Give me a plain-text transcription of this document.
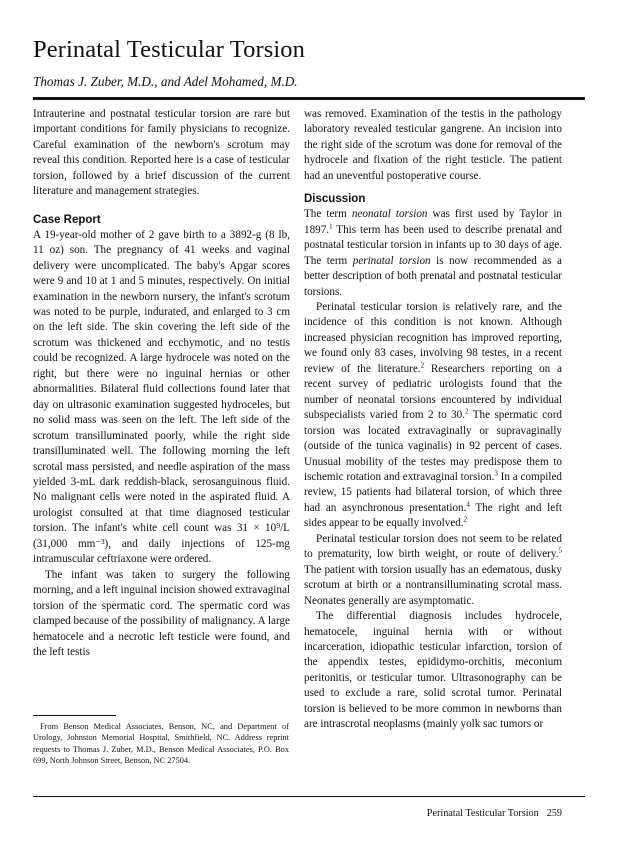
Perinatal Testicular Torsion

Thomas J. Zuber, M.D., and Adel Mohamed, M.D.

Intrauterine and postnatal testicular torsion are rare but important conditions for family physicians to recognize. Careful examination of the newborn's scrotum may reveal this condition. Reported here is a case of testicular torsion, followed by a brief discussion of the current literature and management strategies.

Case Report

A 19-year-old mother of 2 gave birth to a 3892-g (8 lb, 11 oz) son. The pregnancy of 41 weeks and vaginal delivery were uncomplicated. The baby's Apgar scores were 9 and 10 at 1 and 5 minutes, respectively. On initial examination in the newborn nursery, the infant's scrotum was noted to be purple, indurated, and enlarged to 3 cm on the left side. The skin covering the left side of the scrotum was thickened and ecchymotic, and no testis could be recognized. A large hydrocele was noted on the right, but there were no inguinal hernias or other abnormalities. Bilateral fluid collections found later that day on ultrasonic examination suggested hydroceles, but no solid mass was seen on the left. The left side of the scrotum transilluminated poorly, while the right side transilluminated well. The following morning the left scrotal mass persisted, and needle aspiration of the mass yielded 3-mL dark reddish-black, serosanguinous fluid. No malignant cells were noted in the aspirated fluid. A urologist consulted at that time diagnosed testicular torsion. The infant's white cell count was 31 × 10⁹/L (31,000 mm⁻³), and daily injections of 125-mg intramuscular ceftriaxone were ordered.

The infant was taken to surgery the following morning, and a left inguinal incision showed extravaginal torsion of the spermatic cord. The spermatic cord was clamped because of the possibility of malignancy. A large hematocele and a necrotic left testicle were found, and the left testis

was removed. Examination of the testis in the pathology laboratory revealed testicular gangrene. An incision into the right side of the scrotum was done for removal of the hydrocele and fixation of the right testicle. The patient had an uneventful postoperative course.

Discussion

The term neonatal torsion was first used by Taylor in 1897.$^1$ This term has been used to describe prenatal and postnatal testicular torsion in infants up to 30 days of age. The term perinatal torsion is now recommended as a better description of both prenatal and postnatal testicular torsions.

Perinatal testicular torsion is relatively rare, and the incidence of this condition is not known. Although increased physician recognition has improved reporting, we found only 83 cases, involving 98 testes, in a recent review of the literature.$^2$ Researchers reporting on a recent survey of pediatric urologists found that the number of neonatal torsions encountered by individual subspecialists varied from 2 to 30.$^2$ The spermatic cord torsion was located extravaginally or supravaginally (outside of the tunica vaginalis) in 92 percent of cases. Unusual mobility of the testes may predispose them to ischemic rotation and extravaginal torsion.$^3$ In a compiled review, 15 patients had bilateral torsion, of which three had an asynchronous presentation.$^4$ The right and left sides appear to be equally involved.$^2$

Perinatal testicular torsion does not seem to be related to prematurity, low birth weight, or route of delivery.$^5$ The patient with torsion usually has an edematous, dusky scrotum at birth or a nontransilluminating scrotal mass. Neonates generally are asymptomatic.

The differential diagnosis includes hydrocele, hematocele, inguinal hernia with or without incarceration, idiopathic testicular infarction, torsion of the appendix testes, epididymo-orchitis, meconium peritonitis, or testicular tumor. Ultrasonography can be used to exclude a rare, solid scrotal tumor. Perinatal torsion is believed to be more common in newborns than are intrascrotal neoplasms (mainly yolk sac tumors or

From Benson Medical Associates, Benson, NC, and Department of Urology, Johnston Memorial Hospital, Smithfield, NC. Address reprint requests to Thomas J. Zuber, M.D., Benson Medical Associates, P.O. Box 699, North Johnson Street, Benson, NC 27504.

Perinatal Testicular Torsion 259
